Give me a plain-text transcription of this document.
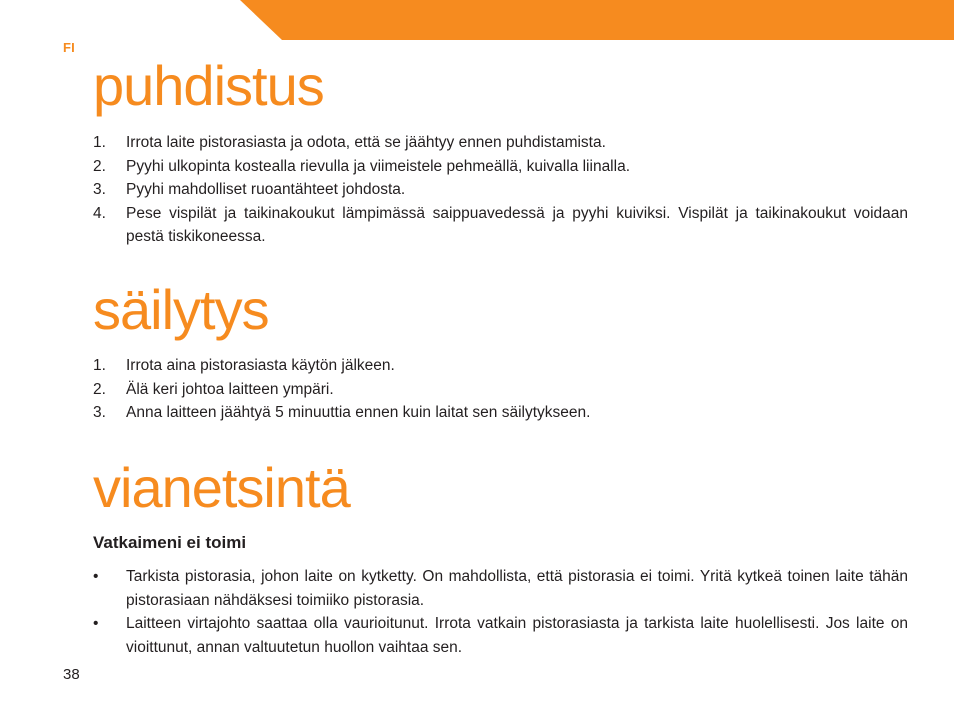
FI
puhdistus
1. Irrota laite pistorasiasta ja odota, että se jäähtyy ennen puhdistamista.
2. Pyyhi ulkopinta kostealla rievulla ja viimeistele pehmeällä, kuivalla liinalla.
3. Pyyhi mahdolliset ruoantähteet johdosta.
4. Pese vispilät ja taikinakoukut lämpimässä saippuavedessä ja pyyhi kuiviksi. Vispilät ja taikinakoukut voidaan pestä tiskikoneessa.
säilytys
1. Irrota aina pistorasiasta käytön jälkeen.
2. Älä keri johtoa laitteen ympäri.
3. Anna laitteen jäähtyä 5 minuuttia ennen kuin laitat sen säilytykseen.
vianetsintä
Vatkaimeni ei toimi
• Tarkista pistorasia, johon laite on kytketty. On mahdollista, että pistorasia ei toimi. Yritä kytkeä toinen laite tähän pistorasiaan nähdäksesi toimiiko pistorasia.
• Laitteen virtajohto saattaa olla vaurioitunut. Irrota vatkain pistorasiasta ja tarkista laite huolellisesti. Jos laite on vioittunut, annan valtuutetun huollon vaihtaa sen.
38
